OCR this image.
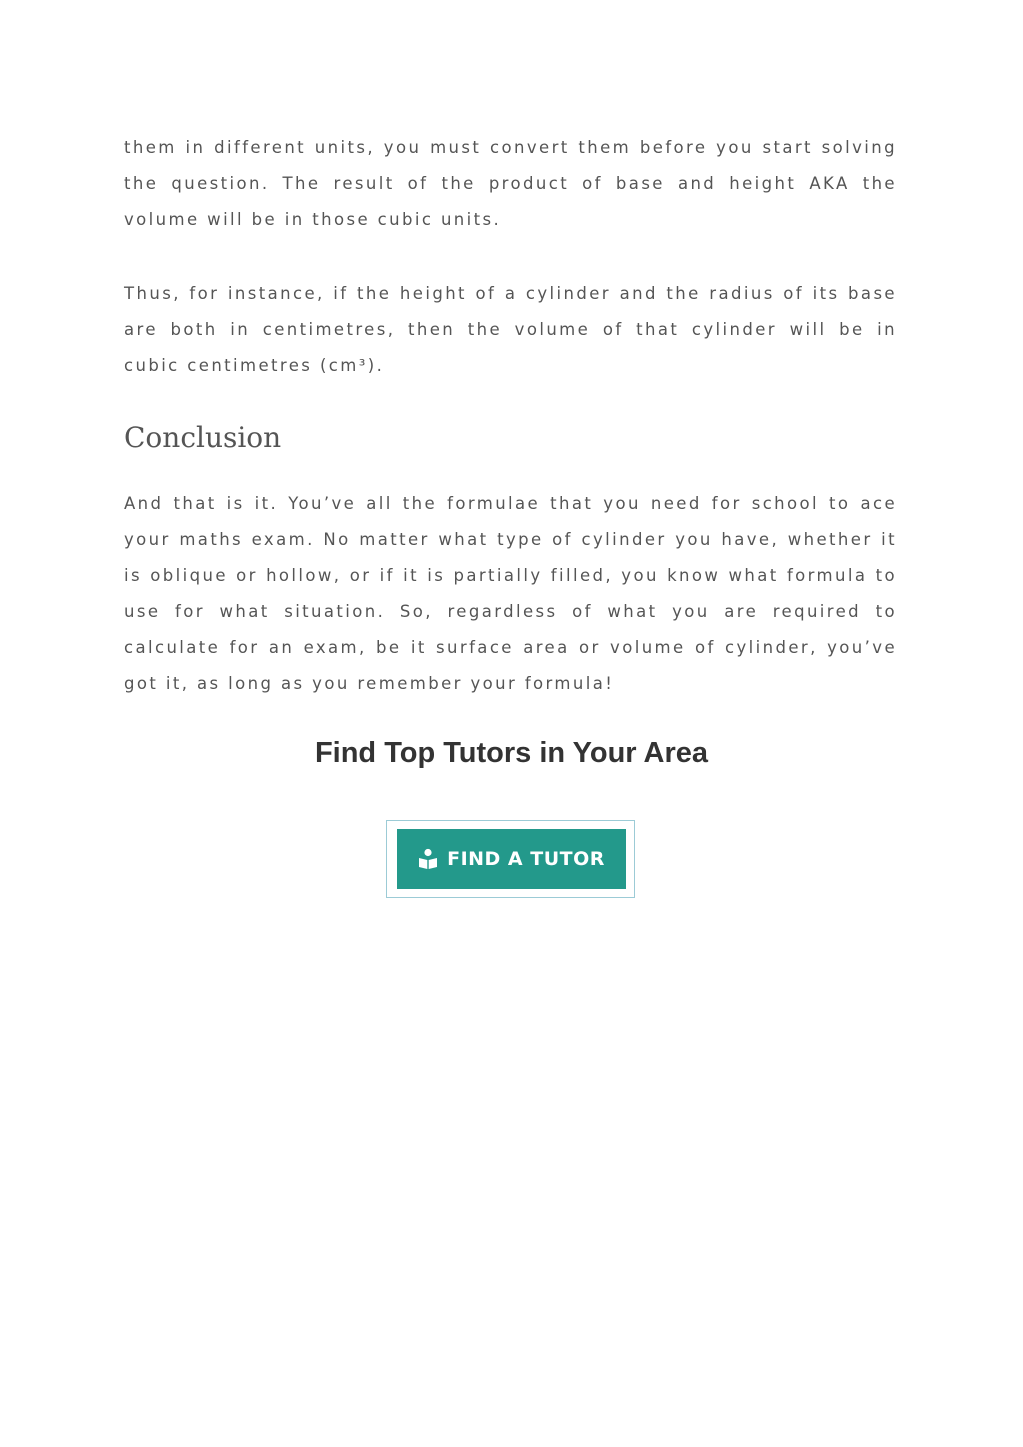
them in different units, you must convert them before you start solving the question. The result of the product of base and height AKA the volume will be in those cubic units.

Thus, for instance, if the height of a cylinder and the radius of its base are both in centimetres, then the volume of that cylinder will be in cubic centimetres (cm³).

Conclusion

And that is it. You’ve all the formulae that you need for school to ace your maths exam. No matter what type of cylinder you have, whether it is oblique or hollow, or if it is partially filled, you know what formula to use for what situation. So, regardless of what you are required to calculate for an exam, be it surface area or volume of cylinder, you’ve got it, as long as you remember your formula!

Find Top Tutors in Your Area
FIND A TUTOR
